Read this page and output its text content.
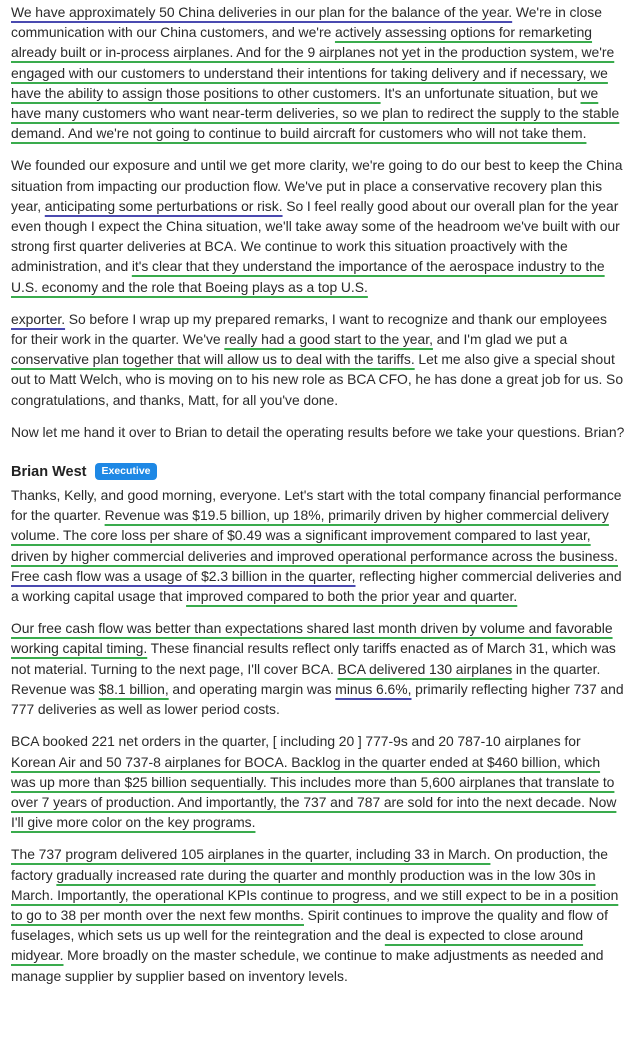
We have approximately 50 China deliveries in our plan for the balance of the year. We're in close communication with our China customers, and we're actively assessing options for remarketing already built or in-process airplanes. And for the 9 airplanes not yet in the production system, we're engaged with our customers to understand their intentions for taking delivery and if necessary, we have the ability to assign those positions to other customers. It's an unfortunate situation, but we have many customers who want near-term deliveries, so we plan to redirect the supply to the stable demand. And we're not going to continue to build aircraft for customers who will not take them.

We founded our exposure and until we get more clarity, we're going to do our best to keep the China situation from impacting our production flow. We've put in place a conservative recovery plan this year, anticipating some perturbations or risk. So I feel really good about our overall plan for the year even though I expect the China situation, we'll take away some of the headroom we've built with our strong first quarter deliveries at BCA. We continue to work this situation proactively with the administration, and it's clear that they understand the importance of the aerospace industry to the U.S. economy and the role that Boeing plays as a top U.S.

exporter. So before I wrap up my prepared remarks, I want to recognize and thank our employees for their work in the quarter. We've really had a good start to the year, and I'm glad we put a conservative plan together that will allow us to deal with the tariffs. Let me also give a special shout out to Matt Welch, who is moving on to his new role as BCA CFO, he has done a great job for us. So congratulations, and thanks, Matt, for all you've done.

Now let me hand it over to Brian to detail the operating results before we take your questions. Brian?

Brian West	Executive

Thanks, Kelly, and good morning, everyone. Let's start with the total company financial performance for the quarter. Revenue was $19.5 billion, up 18%, primarily driven by higher commercial delivery volume. The core loss per share of $0.49 was a significant improvement compared to last year, driven by higher commercial deliveries and improved operational performance across the business. Free cash flow was a usage of $2.3 billion in the quarter, reflecting higher commercial deliveries and a working capital usage that improved compared to both the prior year and quarter.

Our free cash flow was better than expectations shared last month driven by volume and favorable working capital timing. These financial results reflect only tariffs enacted as of March 31, which was not material. Turning to the next page, I'll cover BCA. BCA delivered 130 airplanes in the quarter. Revenue was $8.1 billion, and operating margin was minus 6.6%, primarily reflecting higher 737 and 777 deliveries as well as lower period costs.

BCA booked 221 net orders in the quarter, [ including 20 ] 777-9s and 20 787-10 airplanes for Korean Air and 50 737-8 airplanes for BOCA. Backlog in the quarter ended at $460 billion, which was up more than $25 billion sequentially. This includes more than 5,600 airplanes that translate to over 7 years of production. And importantly, the 737 and 787 are sold for into the next decade. Now I'll give more color on the key programs.

The 737 program delivered 105 airplanes in the quarter, including 33 in March. On production, the factory gradually increased rate during the quarter and monthly production was in the low 30s in March. Importantly, the operational KPIs continue to progress, and we still expect to be in a position to go to 38 per month over the next few months. Spirit continues to improve the quality and flow of fuselages, which sets us up well for the reintegration and the deal is expected to close around midyear. More broadly on the master schedule, we continue to make adjustments as needed and manage supplier by supplier based on inventory levels.
